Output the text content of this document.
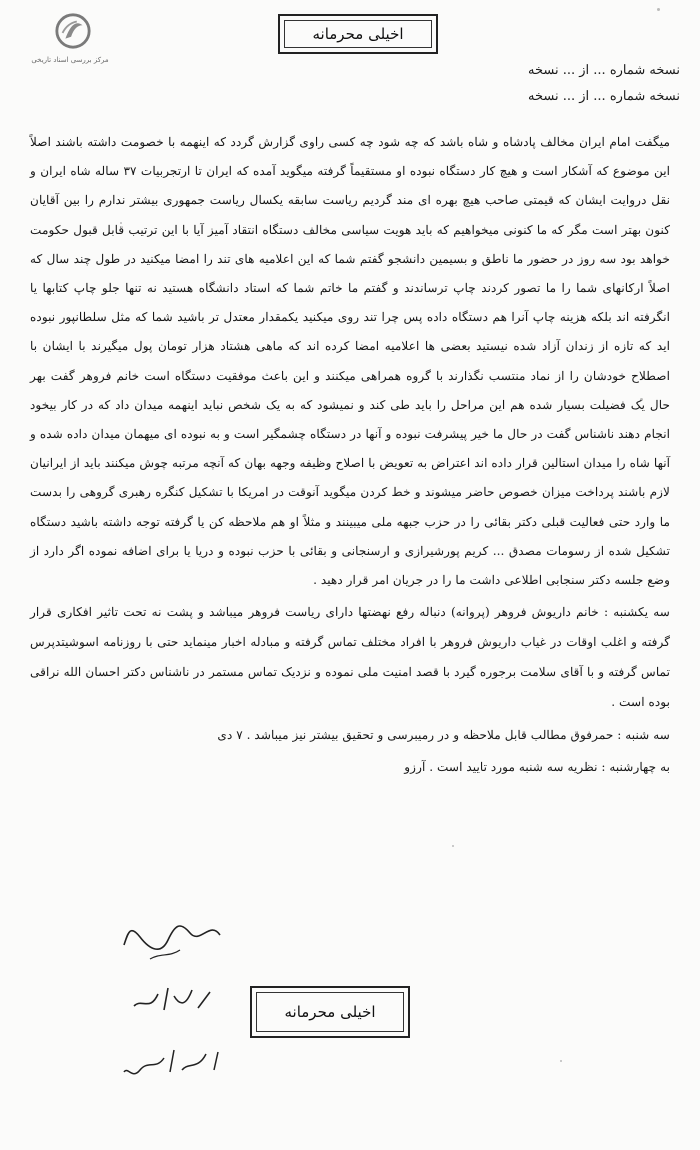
مرکز بررسی اسناد تاریخی
اخیلی محرمانه
نسخه شماره ... از ... نسخه
نسخه شماره ... از ... نسخه

میگفت امام ایران مخالف پادشاه و شاه باشد که چه شود چه کسی راوی گزارش گردد که اینهمه با خصومت داشته باشند اصلاً این موضوع که آشکار است و هیچ کار دستگاه نبوده او مستقیماً گرفته میگوید آمده که ایران تا ارتجربیات ۳۷ ساله شاه ایران و نقل دروایت ایشان که قیمتی صاحب هیچ بهره ای مند گردیم ریاست سابقه یکسال ریاست جمهوری بیشتر ندارم را بین آقایان کنون بهتر است مگر که ما کنونی میخواهیم که باید هویت سیاسی مخالف دستگاه انتقاد آمیز آیا با این ترتیب قابل قبول حکومت خواهد بود سه روز در حضور ما ناطق و بسیمین دانشجو گفتم شما که این اعلامیه های تند را امضا میکنید در طول چند سال که اصلاً ارکانهای شما را ما تصور کردند چاپ ترساندند و گفتم ما خاتم شما که استاد دانشگاه هستید نه تنها جلو چاپ کتابها یا انگرفته اند بلکه هزینه چاپ آنرا هم دستگاه داده پس چرا تند روی میکنید یکمقدار معتدل تر باشید شما که مثل سلطانپور نبوده اید که تازه از زندان آزاد شده نیستید بعضی ها اعلامیه امضا کرده اند که ماهی هشتاد هزار تومان پول میگیرند با ایشان با اصطلاح خودشان را از نماد منتسب نگذارند با گروه همراهی میکنند و این باعث موفقیت دستگاه است خانم فروهر گفت بهر حال یک فضیلت بسیار شده هم این مراحل را باید طی کند و نمیشود که به یک شخص نباید اینهمه میدان داد که در کار بیخود انجام دهند ناشناس گفت در حال ما خیر پیشرفت نبوده و آنها در دستگاه چشمگیر است و به نبوده ای میهمان میدان داده شده و آنها شاه را میدان استالین قرار داده اند اعتراض به تعویض با اصلاح وظیفه وجهه بهان که آنچه مرتبه چوش میکنند باید از ایرانیان لازم باشند پرداخت میزان خصوص حاضر میشوند و خط کردن میگوید آنوقت در امریکا با تشکیل کنگره رهبری گروهی را بدست ما وارد حتی فعالیت قبلی دکتر بقائی را در حزب جبهه ملی میبینند و مثلاً او هم ملاحظه کن یا گرفته توجه داشته باشید دستگاه تشکیل شده از رسومات مصدق ... کریم پورشیرازی و ارسنجانی و بقائی با حزب نبوده و دریا یا برای اضافه نموده اگر دارد از وضع جلسه دکتر سنجابی اطلاعی داشت ما را در جریان امر قرار دهید .

سه یکشنبه : خانم داریوش فروهر (پروانه) دنباله رفع نهضتها دارای ریاست فروهر میباشد و پشت نه تحت تاثیر افکاری قرار گرفته و اغلب اوقات در غیاب داریوش فروهر با افراد مختلف تماس گرفته و مبادله اخبار مینماید حتی با روزنامه اسوشیتدپرس تماس گرفته و با آقای سلامت برجوره گیرد با قصد امنیت ملی نموده و نزدیک تماس مستمر در ناشناس دکتر احسان الله نراقی بوده است .

سه شنبه : حمرفوق مطالب قابل ملاحظه و در رمیبرسی و تحقیق بیشتر نیز میباشد . ۷ دی

به چهارشنبه : نظریه سه شنبه مورد تایید است . آرزو

اخیلی محرمانه
